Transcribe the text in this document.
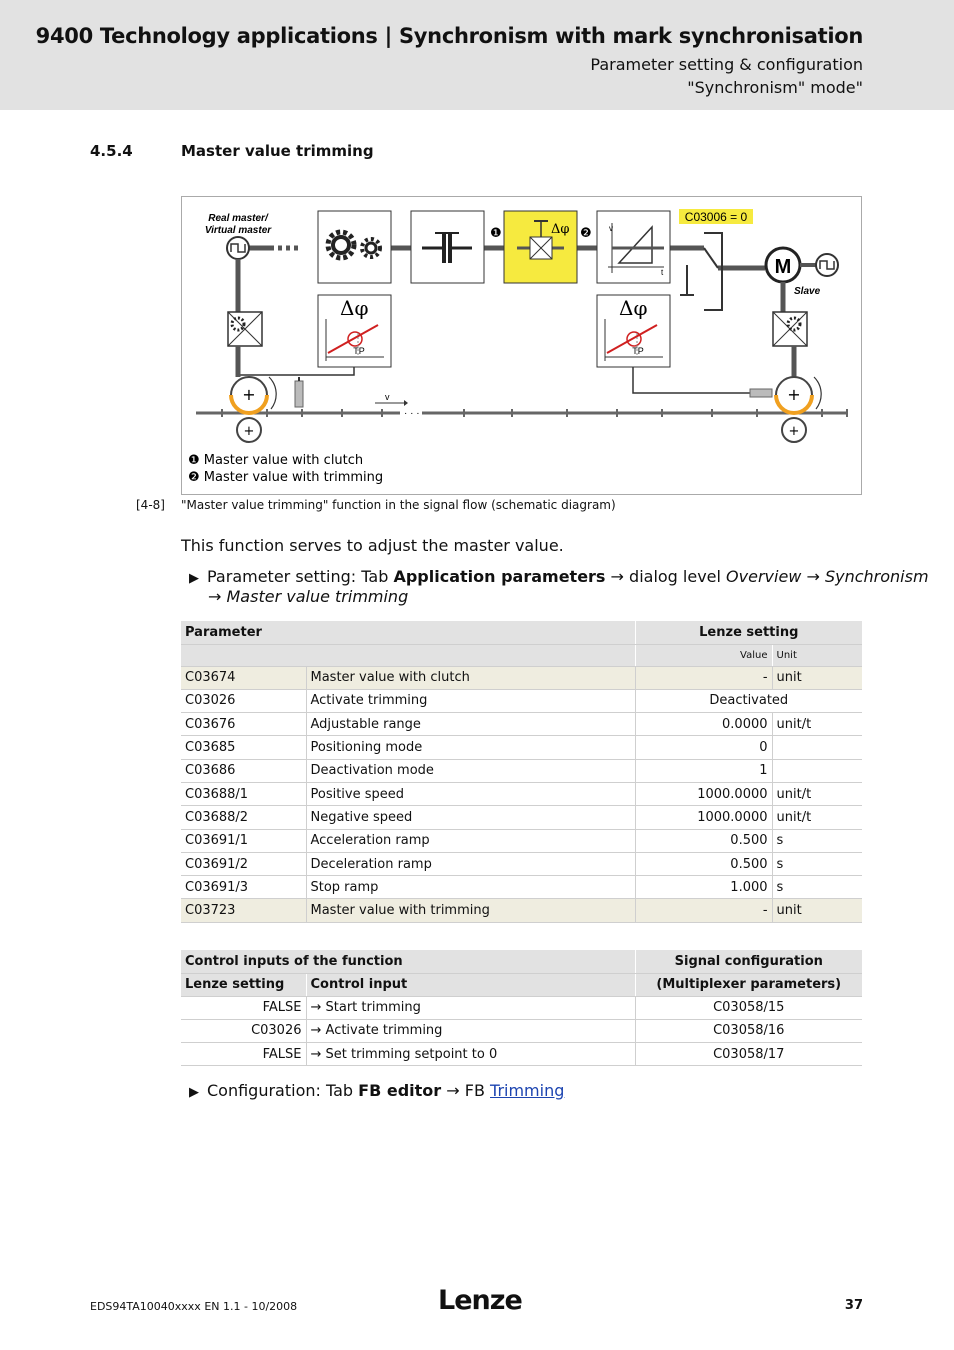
9400 Technology applications | Synchronism with mark synchronisation
Parameter setting & configuration
"Synchronism" mode"
4.5.4	Master value trimming
Real master/
Virtual master	❶	Δφ ❷ v
t
C03006 = 0
M
Slave
Δφ
TP
Δφ
TP
· · ·
v
+
+
+
+
❶ Master value with clutch
❷ Master value with trimming
[4-8] "Master value trimming" function in the signal flow (schematic diagram)
This function serves to adjust the master value.
▶ Parameter setting: Tab Application parameters → dialog level Overview → Synchronism
→ Master value trimming
Parameter		Lenze setting	
		Value	Unit
C03674	Master value with clutch	-	unit
C03026	Activate trimming	Deactivated	
C03676	Adjustable range	0.0000	unit/t
C03685	Positioning mode	0	
C03686	Deactivation mode	1	
C03688/1	Positive speed	1000.0000	unit/t
C03688/2	Negative speed	1000.0000	unit/t
C03691/1	Acceleration ramp	0.500	s
C03691/2	Deceleration ramp	0.500	s
C03691/3	Stop ramp	1.000	s
C03723	Master value with trimming	-	unit
Control inputs of the function		Signal configuration
Lenze setting	Control input	(Multiplexer parameters)
FALSE	→ Start trimming	C03058/15
C03026	→ Activate trimming	C03058/16
FALSE	→ Set trimming setpoint to 0	C03058/17
▶ Configuration: Tab FB editor → FB Trimming
EDS94TA10040xxxx EN 1.1 - 10/2008	Lenze	37
